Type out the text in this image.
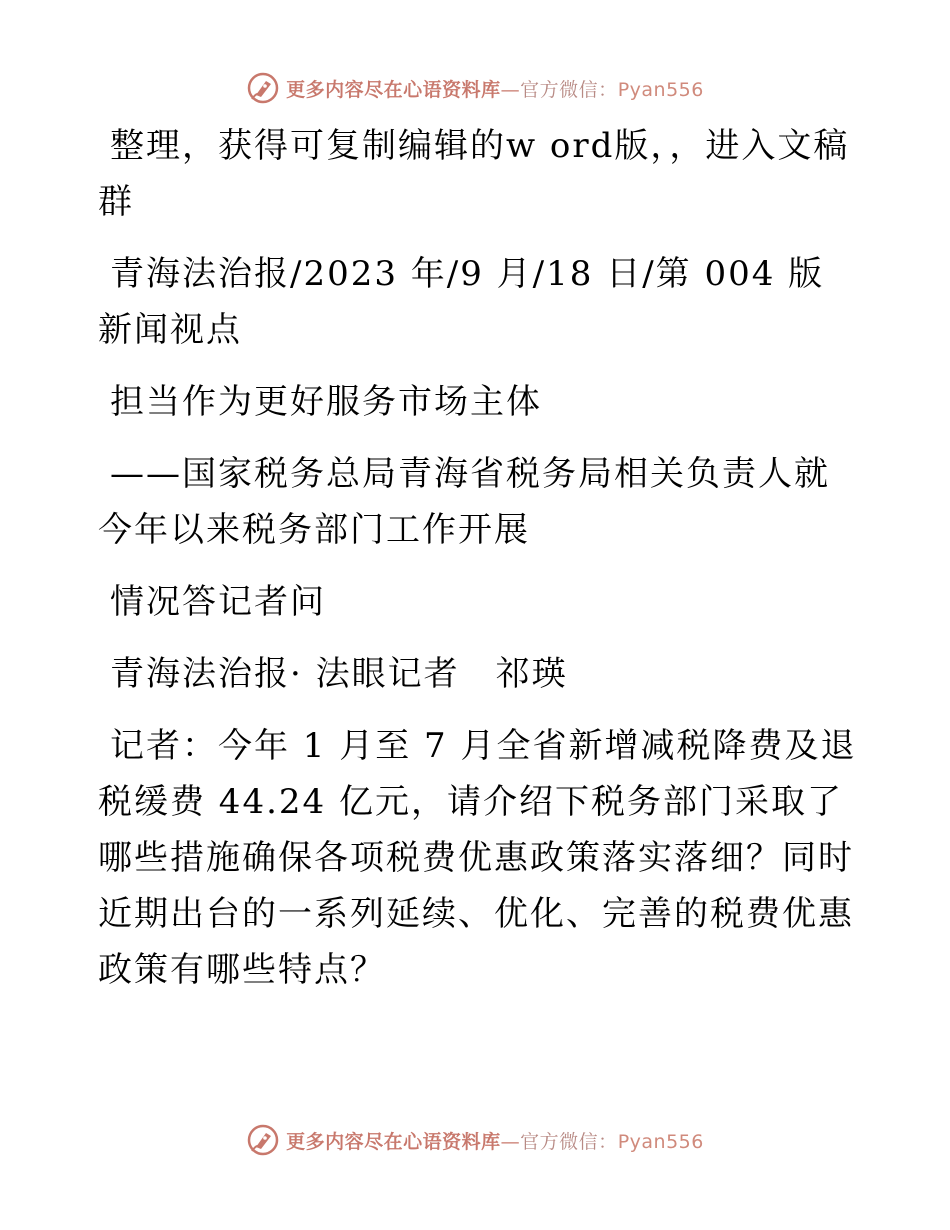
更多内容尽在心语资料库—官方微信：Pyan556

整理，获得可复制编辑的w ord版，，进入文稿群

青海法治报/2023 年/9 月/18 日/第 004 版新闻视点

担当作为更好服务市场主体

——国家税务总局青海省税务局相关负责人就今年以来税务部门工作开展

情况答记者问

青海法治报· 法眼记者　祁瑛

记者：今年 1 月至 7 月全省新增减税降费及退税缓费 44.24 亿元，请介绍下税务部门采取了哪些措施确保各项税费优惠政策落实落细？同时近期出台的一系列延续、优化、完善的税费优惠政策有哪些特点？

更多内容尽在心语资料库—官方微信：Pyan556
